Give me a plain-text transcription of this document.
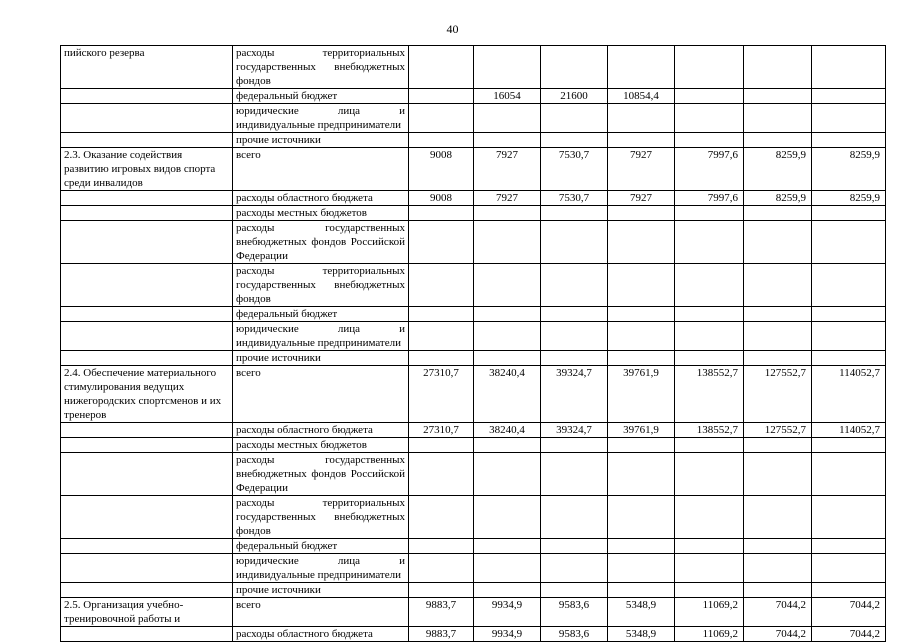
40
пийского резерва	расходы территориальных государственных внебюджетных фондов							
	федеральный бюджет		16054	21600	10854,4			
	юридические лица и индивидуальные предприниматели							
	прочие источники							
2.3. Оказание содействия развитию игровых видов спорта среди инвалидов	всего	9008	7927	7530,7	7927	7997,6	8259,9	8259,9
	расходы областного бюджета	9008	7927	7530,7	7927	7997,6	8259,9	8259,9
	расходы местных бюджетов							
	расходы государственных внебюджетных фондов Российской Федерации							
	расходы территориальных государственных внебюджетных фондов							
	федеральный бюджет							
	юридические лица и индивидуальные предприниматели							
	прочие источники							
2.4. Обеспечение материального стимулирования ведущих нижегородских спортсменов и их тренеров	всего	27310,7	38240,4	39324,7	39761,9	138552,7	127552,7	114052,7
	расходы областного бюджета	27310,7	38240,4	39324,7	39761,9	138552,7	127552,7	114052,7
	расходы местных бюджетов							
	расходы государственных внебюджетных фондов Российской Федерации							
	расходы территориальных государственных внебюджетных фондов							
	федеральный бюджет							
	юридические лица и индивидуальные предприниматели							
	прочие источники							
2.5. Организация учебно-тренировочной работы и	всего	9883,7	9934,9	9583,6	5348,9	11069,2	7044,2	7044,2
	расходы областного бюджета	9883,7	9934,9	9583,6	5348,9	11069,2	7044,2	7044,2
